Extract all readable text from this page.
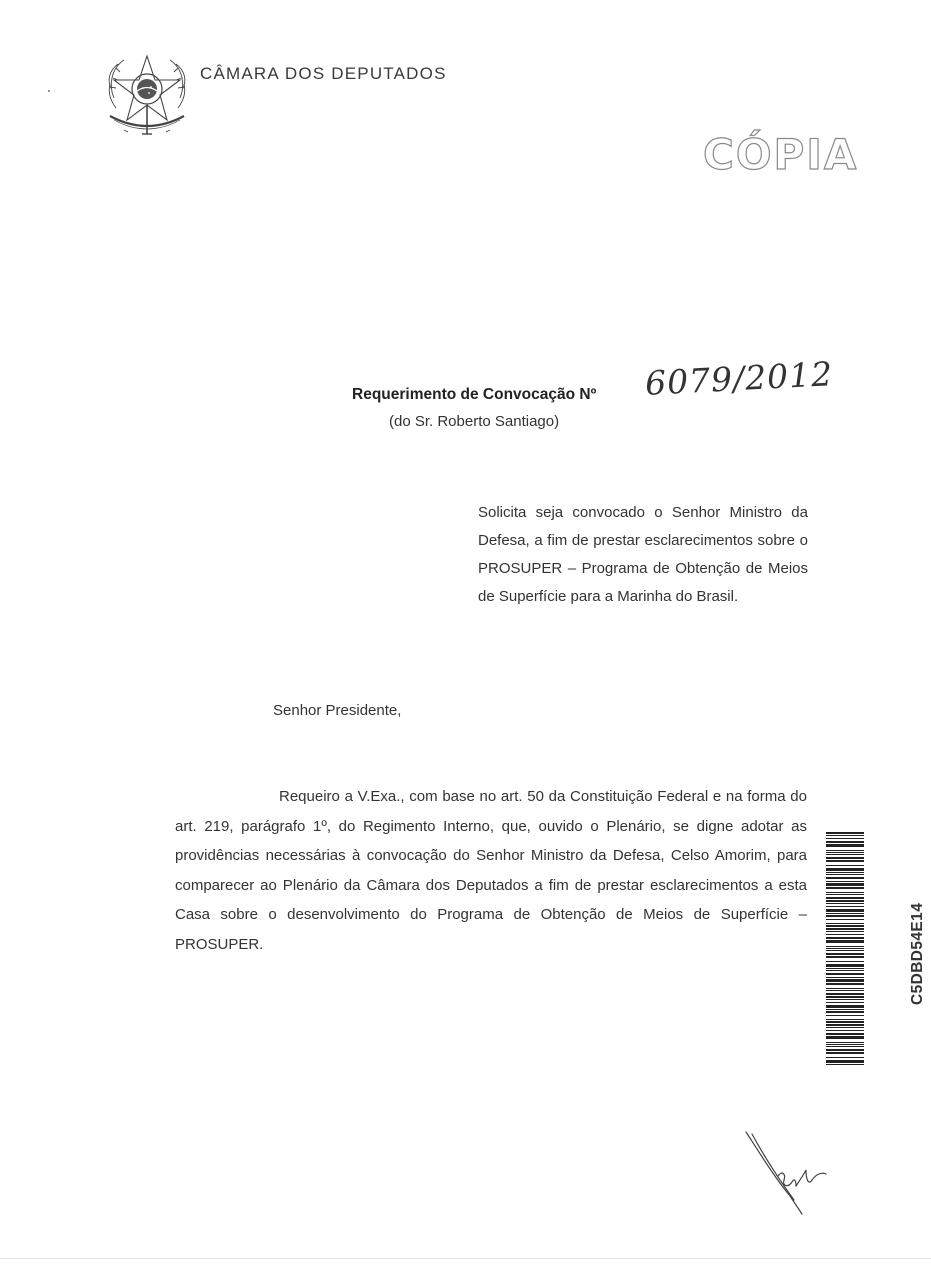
CÂMARA DOS DEPUTADOS
CÓPIA
Requerimento de Convocação Nº 6079/2012
(do Sr. Roberto Santiago)
Solicita seja convocado o Senhor Ministro da Defesa, a fim de prestar esclarecimentos sobre o PROSUPER – Programa de Obtenção de Meios de Superfície para a Marinha do Brasil.
Senhor Presidente,
Requeiro a V.Exa., com base no art. 50 da Constituição Federal e na forma do art. 219, parágrafo 1º, do Regimento Interno, que, ouvido o Plenário, se digne adotar as providências necessárias à convocação do Senhor Ministro da Defesa, Celso Amorim, para comparecer ao Plenário da Câmara dos Deputados a fim de prestar esclarecimentos a esta Casa sobre o desenvolvimento do Programa de Obtenção de Meios de Superfície – PROSUPER.	C5DBD54E14
